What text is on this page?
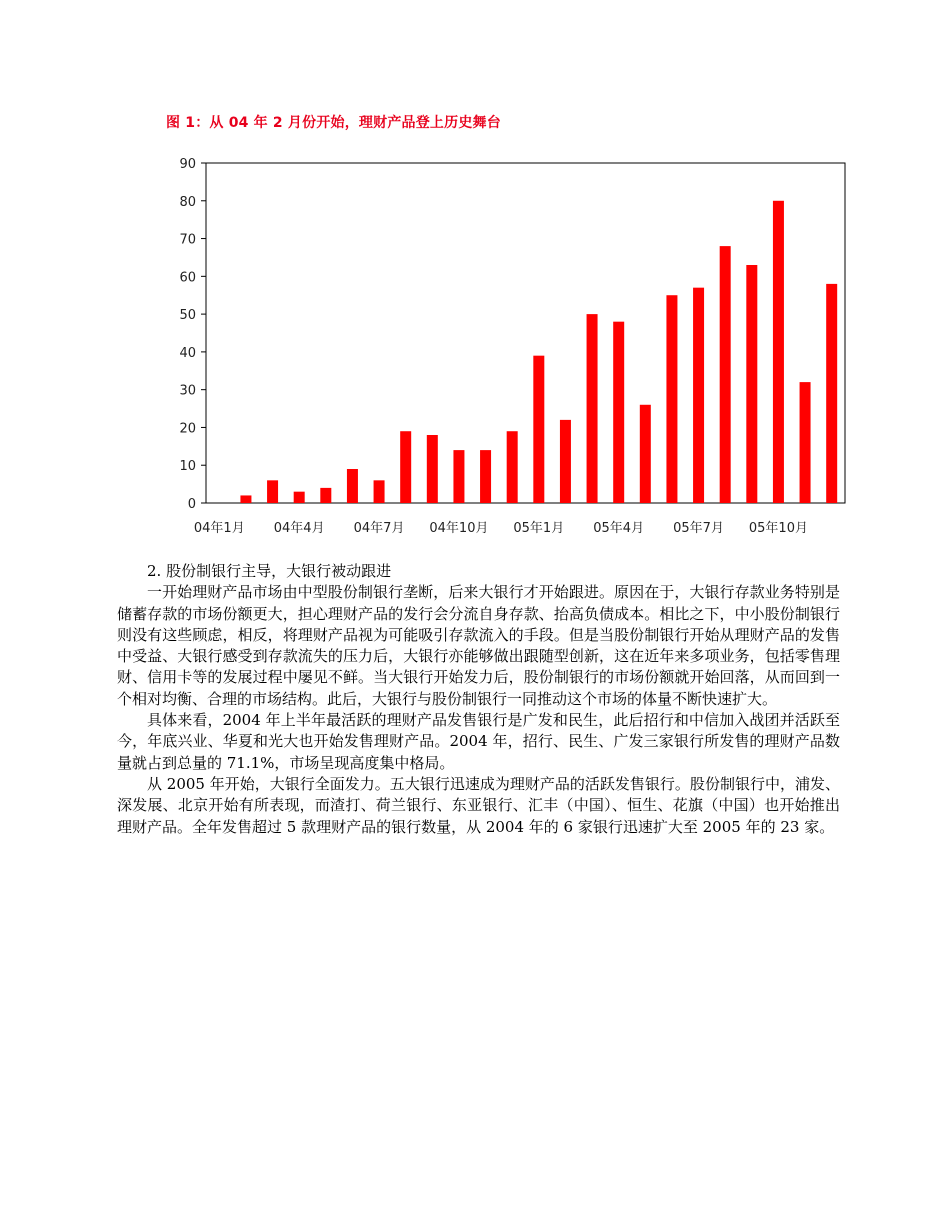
图 1：从 04 年 2 月份开始，理财产品登上历史舞台
0
10
20
30
40
50
60
70
80
90
04年1月 04年4月 04年7月 04年10月 05年1月 05年4月 05年7月 05年10月
2. 股份制银行主导，大银行被动跟进

一开始理财产品市场由中型股份制银行垄断，后来大银行才开始跟进。原因在于，大银行存款业务特别是储蓄存款的市场份额更大，担心理财产品的发行会分流自身存款、抬高负债成本。相比之下，中小股份制银行则没有这些顾虑，相反，将理财产品视为可能吸引存款流入的手段。但是当股份制银行开始从理财产品的发售中受益、大银行感受到存款流失的压力后，大银行亦能够做出跟随型创新，这在近年来多项业务，包括零售理财、信用卡等的发展过程中屡见不鲜。当大银行开始发力后，股份制银行的市场份额就开始回落，从而回到一个相对均衡、合理的市场结构。此后，大银行与股份制银行一同推动这个市场的体量不断快速扩大。

具体来看，2004 年上半年最活跃的理财产品发售银行是广发和民生，此后招行和中信加入战团并活跃至今，年底兴业、华夏和光大也开始发售理财产品。2004 年，招行、民生、广发三家银行所发售的理财产品数量就占到总量的 71.1%，市场呈现高度集中格局。

从 2005 年开始，大银行全面发力。五大银行迅速成为理财产品的活跃发售银行。股份制银行中，浦发、深发展、北京开始有所表现，而渣打、荷兰银行、东亚银行、汇丰（中国）、恒生、花旗（中国）也开始推出理财产品。全年发售超过 5 款理财产品的银行数量，从 2004 年的 6 家银行迅速扩大至 2005 年的 23 家。
